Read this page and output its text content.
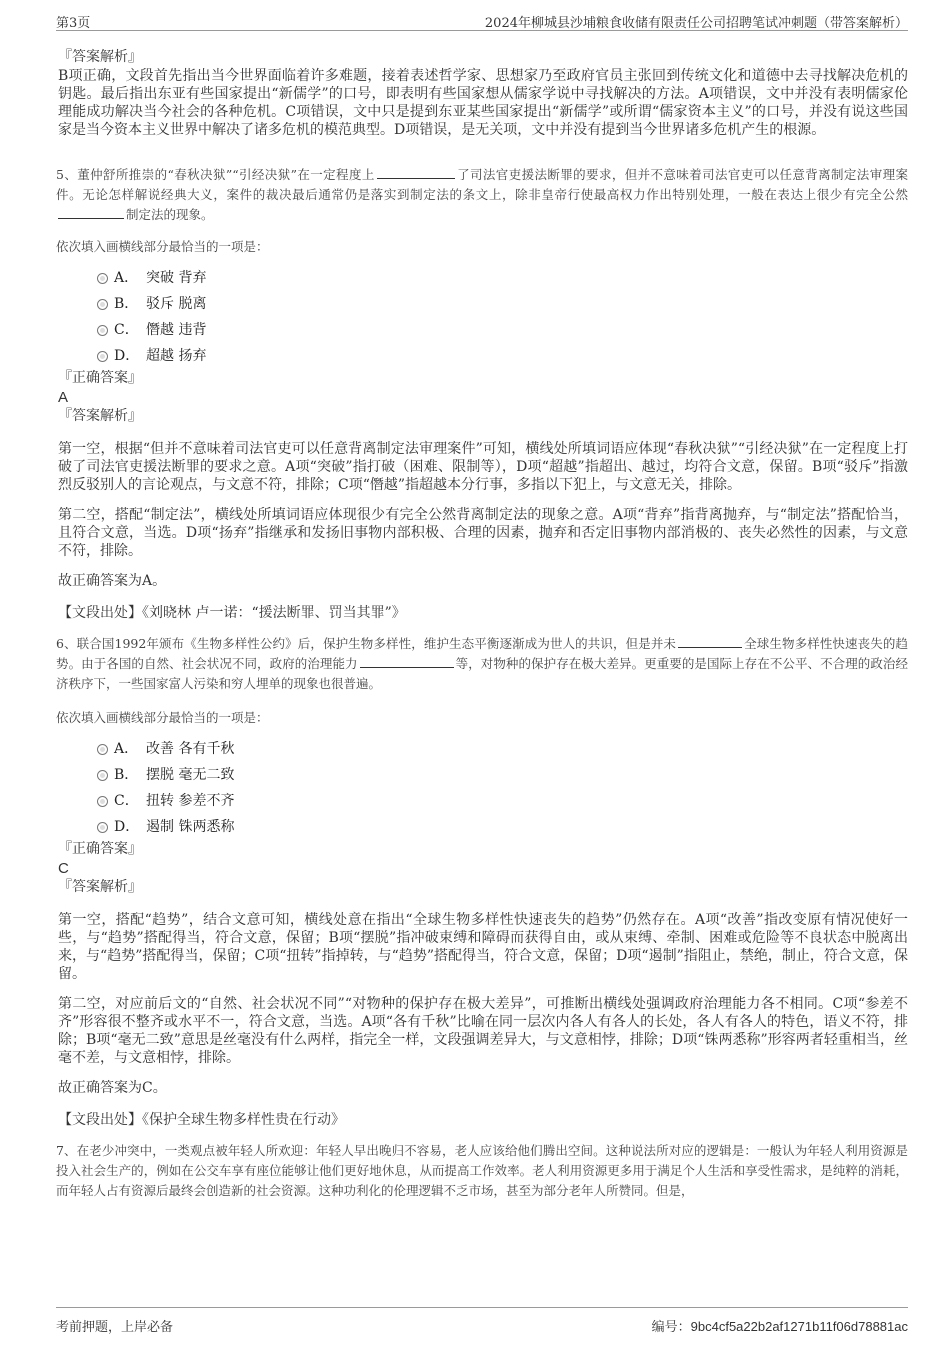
第3页	2024年柳城县沙埔粮食收储有限责任公司招聘笔试冲刺题（带答案解析）
『答案解析』

B项正确，文段首先指出当今世界面临着许多难题，接着表述哲学家、思想家乃至政府官员主张回到传统文化和道德中去寻找解决危机的钥匙。最后指出东亚有些国家提出“新儒学”的口号，即表明有些国家想从儒家学说中寻找解决的方法。A项错误，文中并没有表明儒家伦理能成功解决当今社会的各种危机。C项错误，文中只是提到东亚某些国家提出“新儒学”或所谓“儒家资本主义”的口号，并没有说这些国家是当今资本主义世界中解决了诸多危机的模范典型。D项错误，是无关项，文中并没有提到当今世界诸多危机产生的根源。

5、董仲舒所推崇的“春秋决狱”“引经决狱”在一定程度上	了司法官吏援法断罪的要求，但并不意味着司法官吏可以任意背离制定法审理案件。无论怎样解说经典大义，案件的裁决最后通常仍是落实到制定法的条文上，除非皇帝行使最高权力作出特别处理，一般在表达上很少有完全公然制定法的现象。

依次填入画横线部分最恰当的一项是：

A． 突破 背弃
B． 驳斥 脱离
C． 僭越 违背
D． 超越 扬弃
『正确答案』
A
『答案解析』

第一空，根据“但并不意味着司法官吏可以任意背离制定法审理案件”可知，横线处所填词语应体现“春秋决狱”“引经决狱”在一定程度上打破了司法官吏援法断罪的要求之意。A项“突破”指打破（困难、限制等），D项“超越”指超出、越过，均符合文意，保留。B项“驳斥”指激烈反驳别人的言论观点，与文意不符，排除；C项“僭越”指超越本分行事，多指以下犯上，与文意无关，排除。

第二空，搭配“制定法”，横线处所填词语应体现很少有完全公然背离制定法的现象之意。A项“背弃”指背离抛弃，与“制定法”搭配恰当，且符合文意，当选。D项“扬弃”指继承和发扬旧事物内部积极、合理的因素，抛弃和否定旧事物内部消极的、丧失必然性的因素，与文意不符，排除。

故正确答案为A。

【文段出处】《刘晓林 卢一诺：“援法断罪、罚当其罪”》

6、联合国1992年颁布《生物多样性公约》后，保护生物多样性，维护生态平衡逐渐成为世人的共识，但是并未	全球生物多样性快速丧失的趋势。由于各国的自然、社会状况不同，政府的治理能力	等，对物种的保护存在极大差异。更重要的是国际上存在不公平、不合理的政治经济秩序下，一些国家富人污染和穷人埋单的现象也很普遍。

依次填入画横线部分最恰当的一项是：

A． 改善 各有千秋
B． 摆脱 毫无二致
C． 扭转 参差不齐
D． 遏制 铢两悉称
『正确答案』
C
『答案解析』

第一空，搭配“趋势”，结合文意可知，横线处意在指出“全球生物多样性快速丧失的趋势”仍然存在。A项“改善”指改变原有情况使好一些，与“趋势”搭配得当，符合文意，保留；B项“摆脱”指冲破束缚和障碍而获得自由，或从束缚、牵制、困难或危险等不良状态中脱离出来，与“趋势”搭配得当，保留；C项“扭转”指掉转，与“趋势”搭配得当，符合文意，保留；D项“遏制”指阻止，禁绝，制止，符合文意，保留。

第二空，对应前后文的“自然、社会状况不同”“对物种的保护存在极大差异”，可推断出横线处强调政府治理能力各不相同。C项“参差不齐”形容很不整齐或水平不一，符合文意，当选。A项“各有千秋”比喻在同一层次内各人有各人的长处，各人有各人的特色，语义不符，排除；B项“毫无二致”意思是丝毫没有什么两样，指完全一样，文段强调差异大，与文意相悖，排除；D项“铢两悉称”形容两者轻重相当，丝毫不差，与文意相悖，排除。

故正确答案为C。

【文段出处】《保护全球生物多样性贵在行动》

7、在老少冲突中，一类观点被年轻人所欢迎：年轻人早出晚归不容易，老人应该给他们腾出空间。这种说法所对应的逻辑是：一般认为年轻人利用资源是投入社会生产的，例如在公交车享有座位能够让他们更好地休息，从而提高工作效率。老人利用资源更多用于满足个人生活和享受性需求，是纯粹的消耗，而年轻人占有资源后最终会创造新的社会资源。这种功利化的伦理逻辑不乏市场，甚至为部分老年人所赞同。但是，

考前押题，上岸必备	编号：9bc4cf5a22b2af1271b11f06d78881ac
